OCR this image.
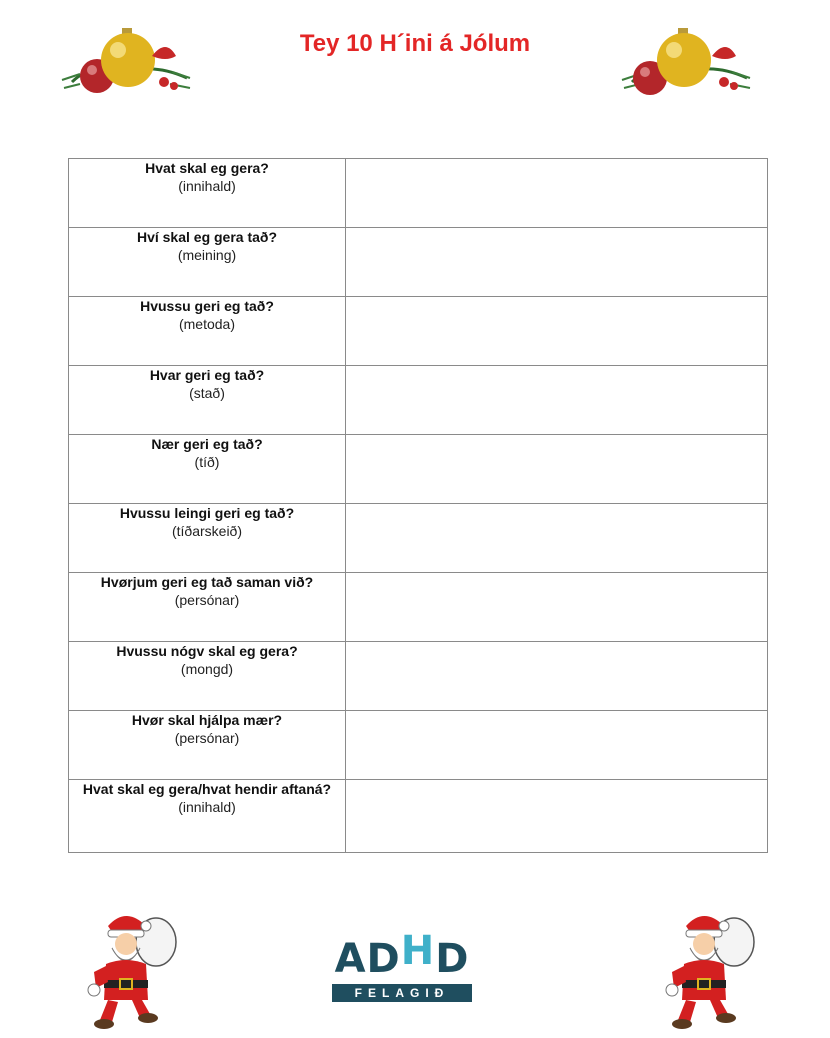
Tey 10 H´ini á Jólum
Hvat skal eg gera?
(innihald)	

Hví skal eg gera tað?
(meining)	

Hvussu geri eg tað?
(metoda)	

Hvar geri eg tað?
(stað)	

Nær geri eg tað?
(tíð)	

Hvussu leingi geri eg tað?
(tíðarskeið)	

Hvørjum geri eg tað saman við?
(persónar)	

Hvussu nógv skal eg gera?
(mongd)	

Hvør skal hjálpa mær?
(persónar)	

Hvat skal eg gera/hvat hendir aftaná?
(innihald)	

AD H D
FELAGIÐ
